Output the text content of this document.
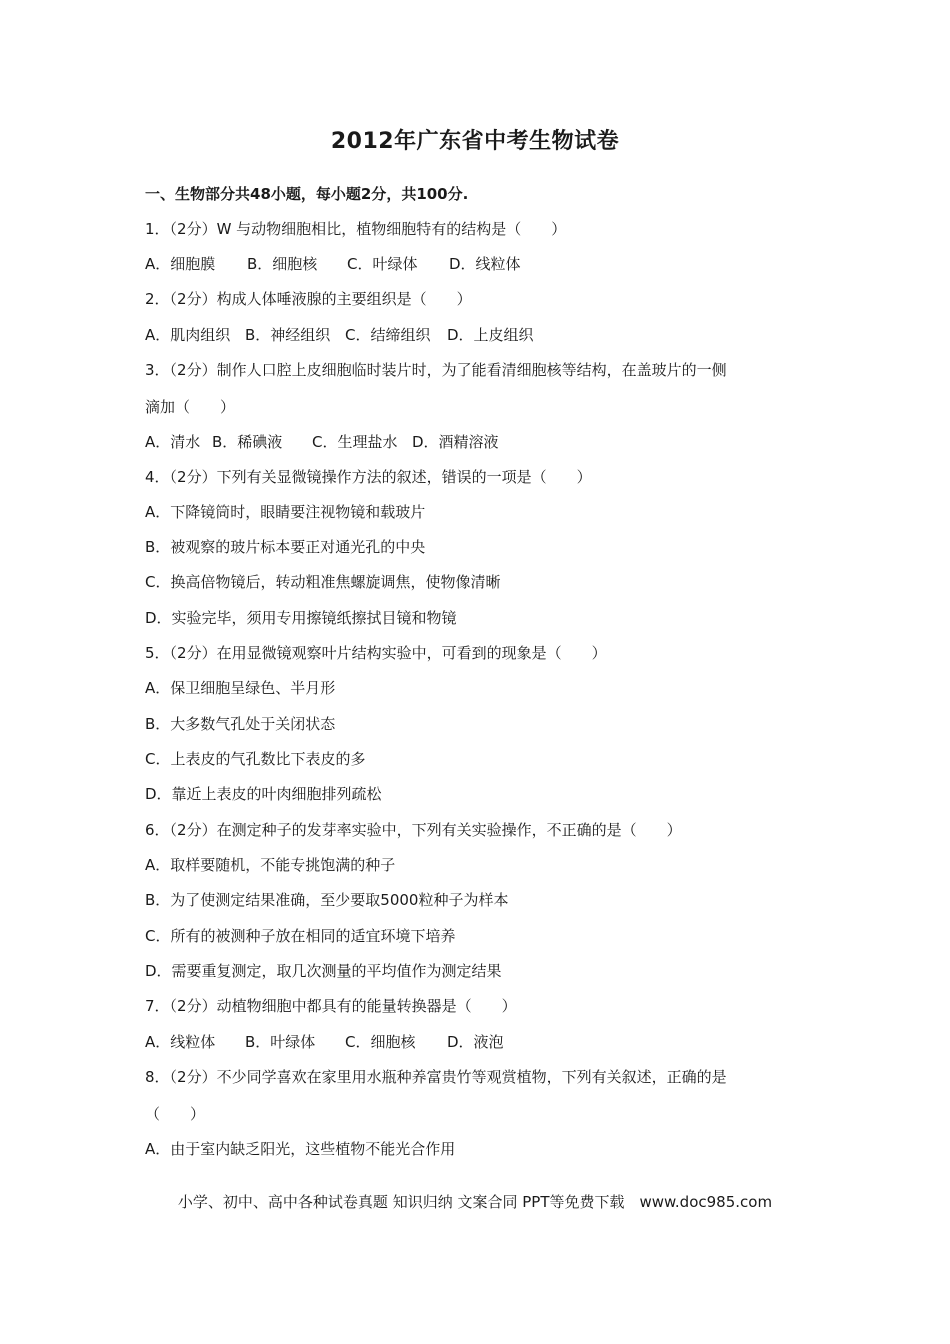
2012年广东省中考生物试卷
一、生物部分共48小题，每小题2分，共100分.
1．（2分）W 与动物细胞相比，植物细胞特有的结构是（　　）
A．细胞膜 B．细胞核 C．叶绿体 D．线粒体
2．（2分）构成人体唾液腺的主要组织是（　　）
A．肌肉组织 B．神经组织 C．结缔组织 D．上皮组织
3．（2分）制作人口腔上皮细胞临时装片时，为了能看清细胞核等结构，在盖玻片的一侧
滴加（　　）
A．清水 B．稀碘液 C．生理盐水 D．酒精溶液
4．（2分）下列有关显微镜操作方法的叙述，错误的一项是（　　）
A．下降镜筒时，眼睛要注视物镜和载玻片
B．被观察的玻片标本要正对通光孔的中央
C．换高倍物镜后，转动粗准焦螺旋调焦，使物像清晰
D．实验完毕，须用专用擦镜纸擦拭目镜和物镜
5．（2分）在用显微镜观察叶片结构实验中，可看到的现象是（　　）
A．保卫细胞呈绿色、半月形
B．大多数气孔处于关闭状态
C．上表皮的气孔数比下表皮的多
D．靠近上表皮的叶肉细胞排列疏松
6．（2分）在测定种子的发芽率实验中，下列有关实验操作，不正确的是（　　）
A．取样要随机，不能专挑饱满的种子
B．为了使测定结果准确，至少要取5000粒种子为样本
C．所有的被测种子放在相同的适宜环境下培养
D．需要重复测定，取几次测量的平均值作为测定结果
7．（2分）动植物细胞中都具有的能量转换器是（　　）
A．线粒体 B．叶绿体 C．细胞核 D．液泡
8．（2分）不少同学喜欢在家里用水瓶种养富贵竹等观赏植物，下列有关叙述，正确的是
（　　）
A．由于室内缺乏阳光，这些植物不能光合作用
小学、初中、高中各种试卷真题 知识归纳 文案合同 PPT等免费下载　www.doc985.com
